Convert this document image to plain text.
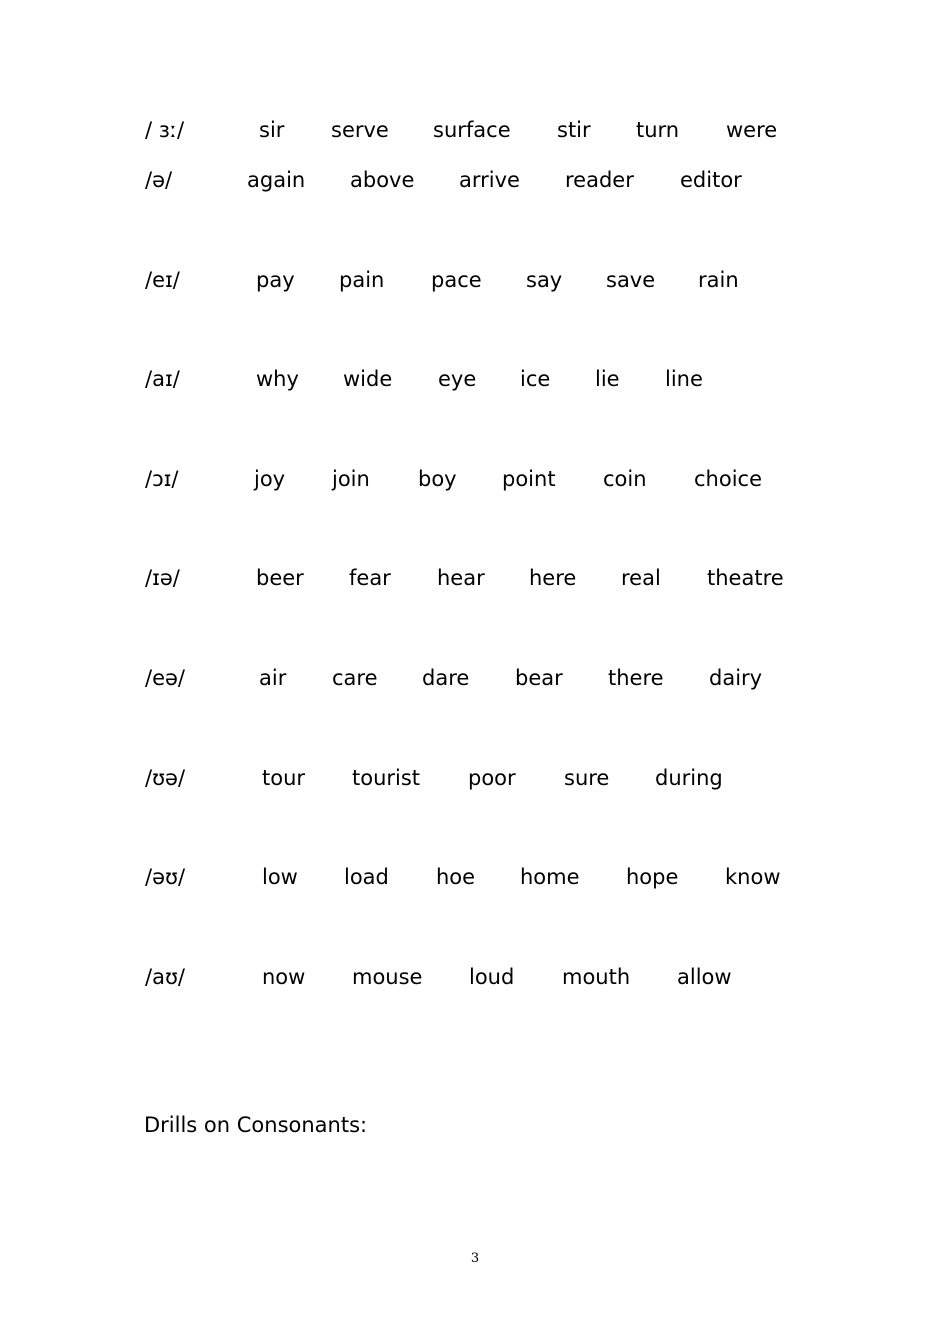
/ ɜː/	sir serve surface stir turn were
/ə/	again above arrive reader editor
/eɪ/	pay pain pace say save rain
/aɪ/	why wide eye ice lie line
/ɔɪ/	joy join boy point coin choice
/ɪə/	beer fear hear here real theatre
/eə/	air care dare bear there dairy
/ʊə/	tour tourist poor sure during
/əʊ/	low load hoe home hope know
/aʊ/	now mouse loud mouth allow
Drills on Consonants:
3
